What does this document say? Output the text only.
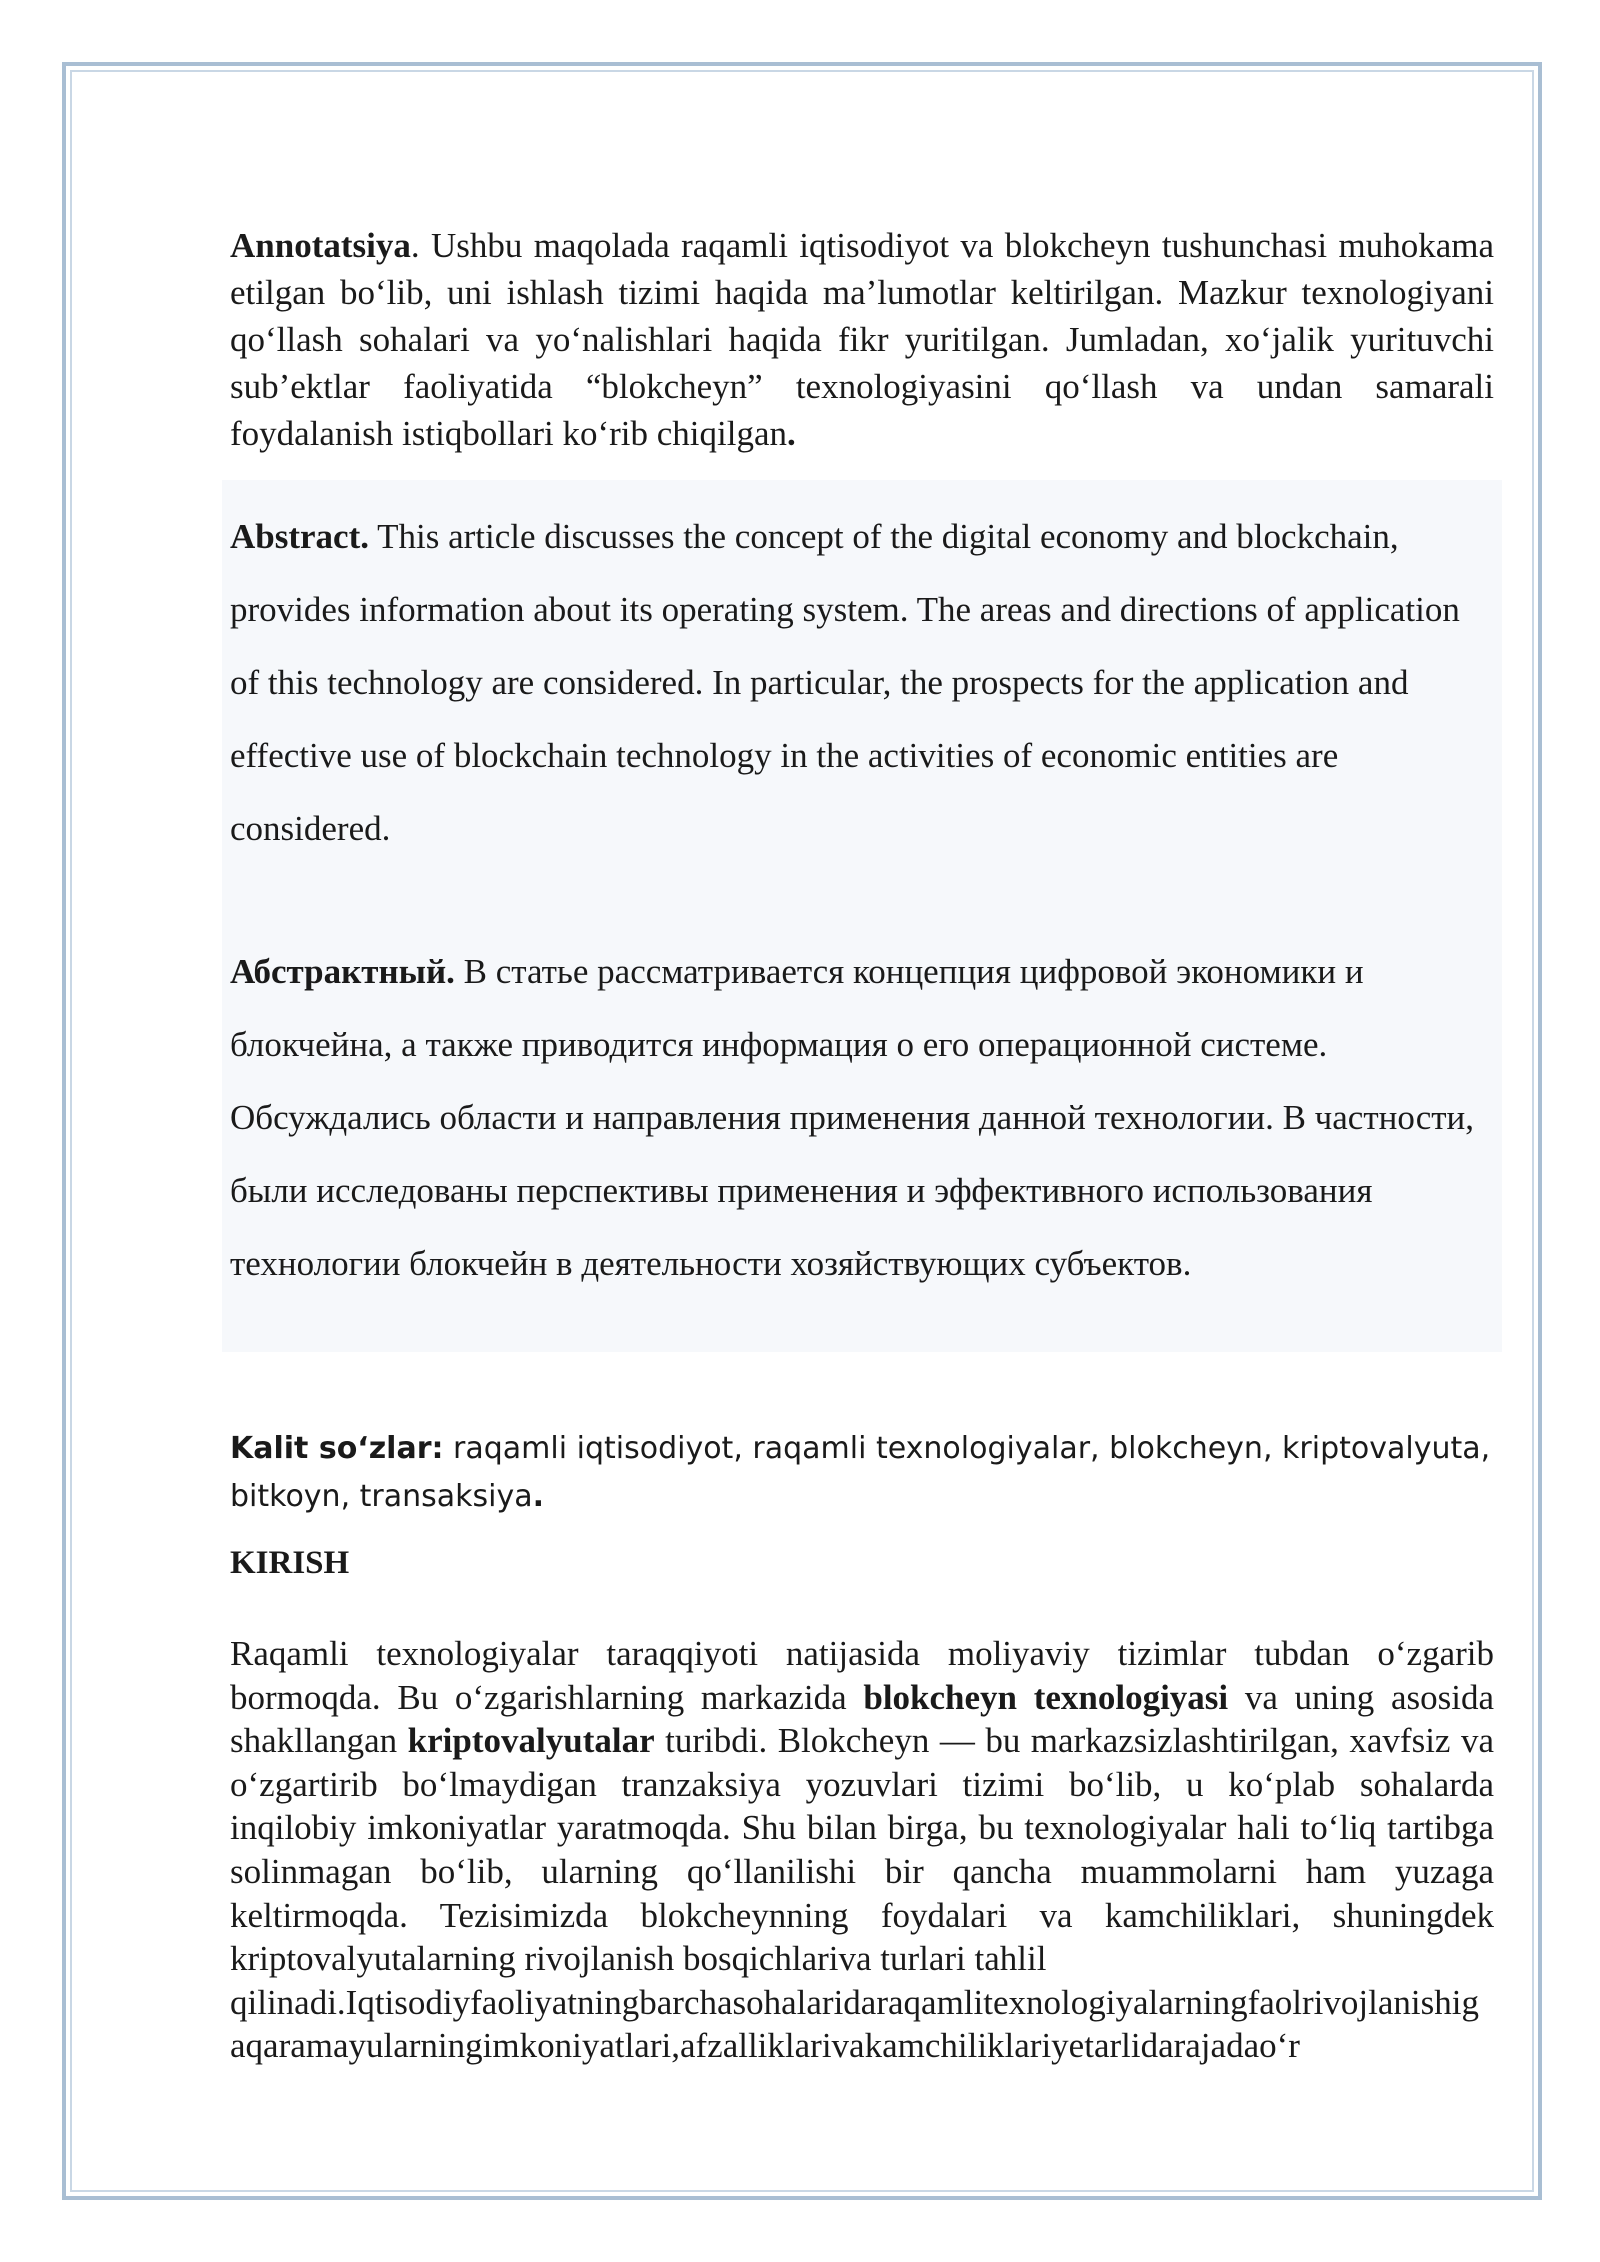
Annotatsiya. Ushbu maqolada raqamli iqtisodiyot va blokcheyn tushunchasi muhokama etilgan bo‘lib, uni ishlash tizimi haqida ma’lumotlar keltirilgan. Mazkur texnologiyani qo‘llash sohalari va yo‘nalishlari haqida fikr yuritilgan. Jumladan, xo‘jalik yurituvchi sub’ektlar faoliyatida “blokcheyn” texnologiyasini qo‘llash va undan samarali foydalanish istiqbollari ko‘rib chiqilgan.

Abstract. This article discusses the concept of the digital economy and blockchain, provides information about its operating system. The areas and directions of application of this technology are considered. In particular, the prospects for the application and effective use of blockchain technology in the activities of economic entities are considered.

Абстрактный. В статье рассматривается концепция цифровой экономики и блокчейна, а также приводится информация о его операционной системе. Обсуждались области и направления применения данной технологии. В частности, были исследованы перспективы применения и эффективного использования технологии блокчейн в деятельности хозяйствующих субъектов.

Kalit so‘zlar: raqamli iqtisodiyot, raqamli texnologiyalar, blokcheyn, kriptovalyuta, bitkoyn, transaksiya.
KIRISH

Raqamli texnologiyalar taraqqiyoti natijasida moliyaviy tizimlar tubdan o‘zgarib bormoqda. Bu o‘zgarishlarning markazida blokcheyn texnologiyasi va uning asosida shakllangan kriptovalyutalar turibdi. Blokcheyn — bu markazsizlashtirilgan, xavfsiz va o‘zgartirib bo‘lmaydigan tranzaksiya yozuvlari tizimi bo‘lib, u ko‘plab sohalarda inqilobiy imkoniyatlar yaratmoqda. Shu bilan birga, bu texnologiyalar hali to‘liq tartibga solinmagan bo‘lib, ularning qo‘llanilishi bir qancha muammolarni ham yuzaga keltirmoqda. Tezisimizda blokcheynning foydalari va kamchiliklari, shuningdek kriptovalyutalarning rivojlanish bosqichlariva turlari tahlil

qilinadi.Iqtisodiyfaoliyatningbarchasohalaridaraqamlitexnologiyalarningfaolrivojlanishigaqaramayularningimkoniyatlari,afzalliklarivakamchiliklariyetarlidarajadao‘r
